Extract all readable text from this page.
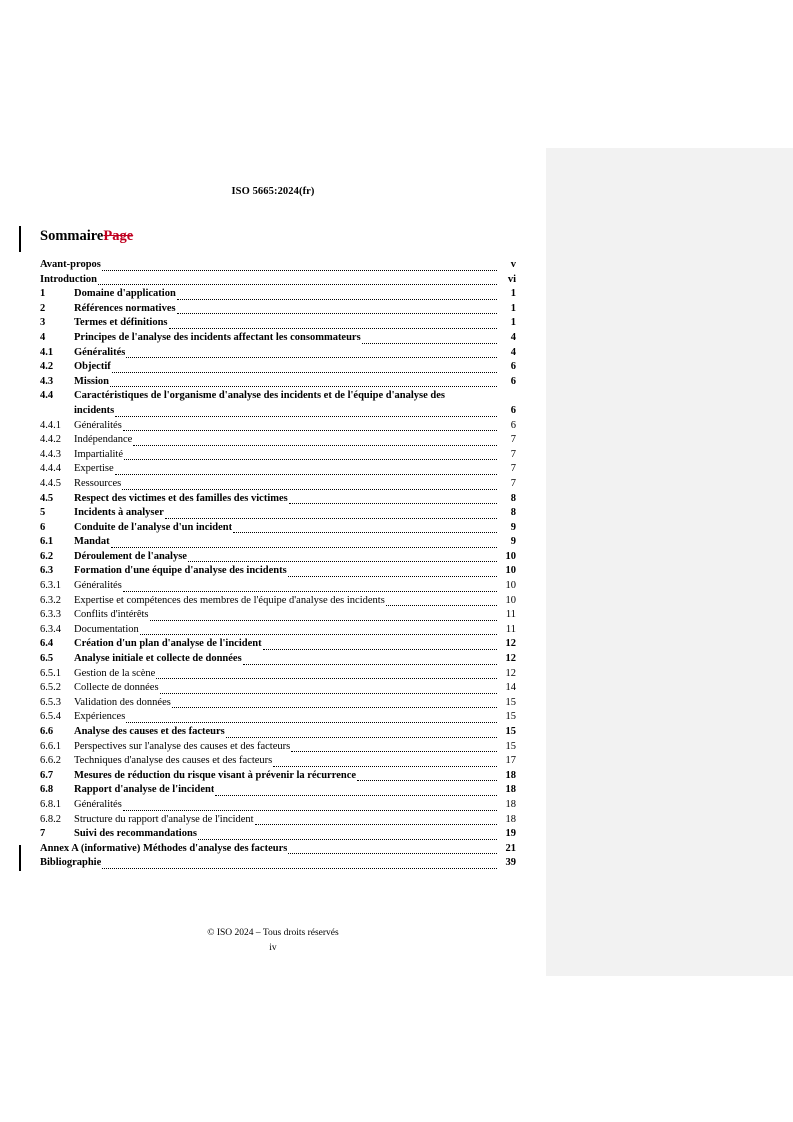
ISO 5665:2024(fr)
SommairePage
Avant-propos	v
Introduction	vi
1	Domaine d'application	1
2	Références normatives	1
3	Termes et définitions	1
4	Principes de l'analyse des incidents affectant les consommateurs	4
4.1	Généralités	4
4.2	Objectif	6
4.3	Mission	6
4.4	Caractéristiques de l'organisme d'analyse des incidents et de l'équipe d'analyse des
incidents	6
4.4.1	Généralités	6
4.4.2	Indépendance	7
4.4.3	Impartialité	7
4.4.4	Expertise	7
4.4.5	Ressources	7
4.5	Respect des victimes et des familles des victimes	8
5	Incidents à analyser	8
6	Conduite de l'analyse d'un incident	9
6.1	Mandat	9
6.2	Déroulement de l'analyse	10
6.3	Formation d'une équipe d'analyse des incidents	10
6.3.1	Généralités	10
6.3.2	Expertise et compétences des membres de l'équipe d'analyse des incidents	10
6.3.3	Conflits d'intérêts	11
6.3.4	Documentation	11
6.4	Création d'un plan d'analyse de l'incident	12
6.5	Analyse initiale et collecte de données	12
6.5.1	Gestion de la scène	12
6.5.2	Collecte de données	14
6.5.3	Validation des données	15
6.5.4	Expériences	15
6.6	Analyse des causes et des facteurs	15
6.6.1	Perspectives sur l'analyse des causes et des facteurs	15
6.6.2	Techniques d'analyse des causes et des facteurs	17
6.7	Mesures de réduction du risque visant à prévenir la récurrence	18
6.8	Rapport d'analyse de l'incident	18
6.8.1	Généralités	18
6.8.2	Structure du rapport d'analyse de l'incident	18
7	Suivi des recommandations	19
Annex A (informative) Méthodes d'analyse des facteurs	21
Bibliographie	39
© ISO 2024 – Tous droits réservés
iv
